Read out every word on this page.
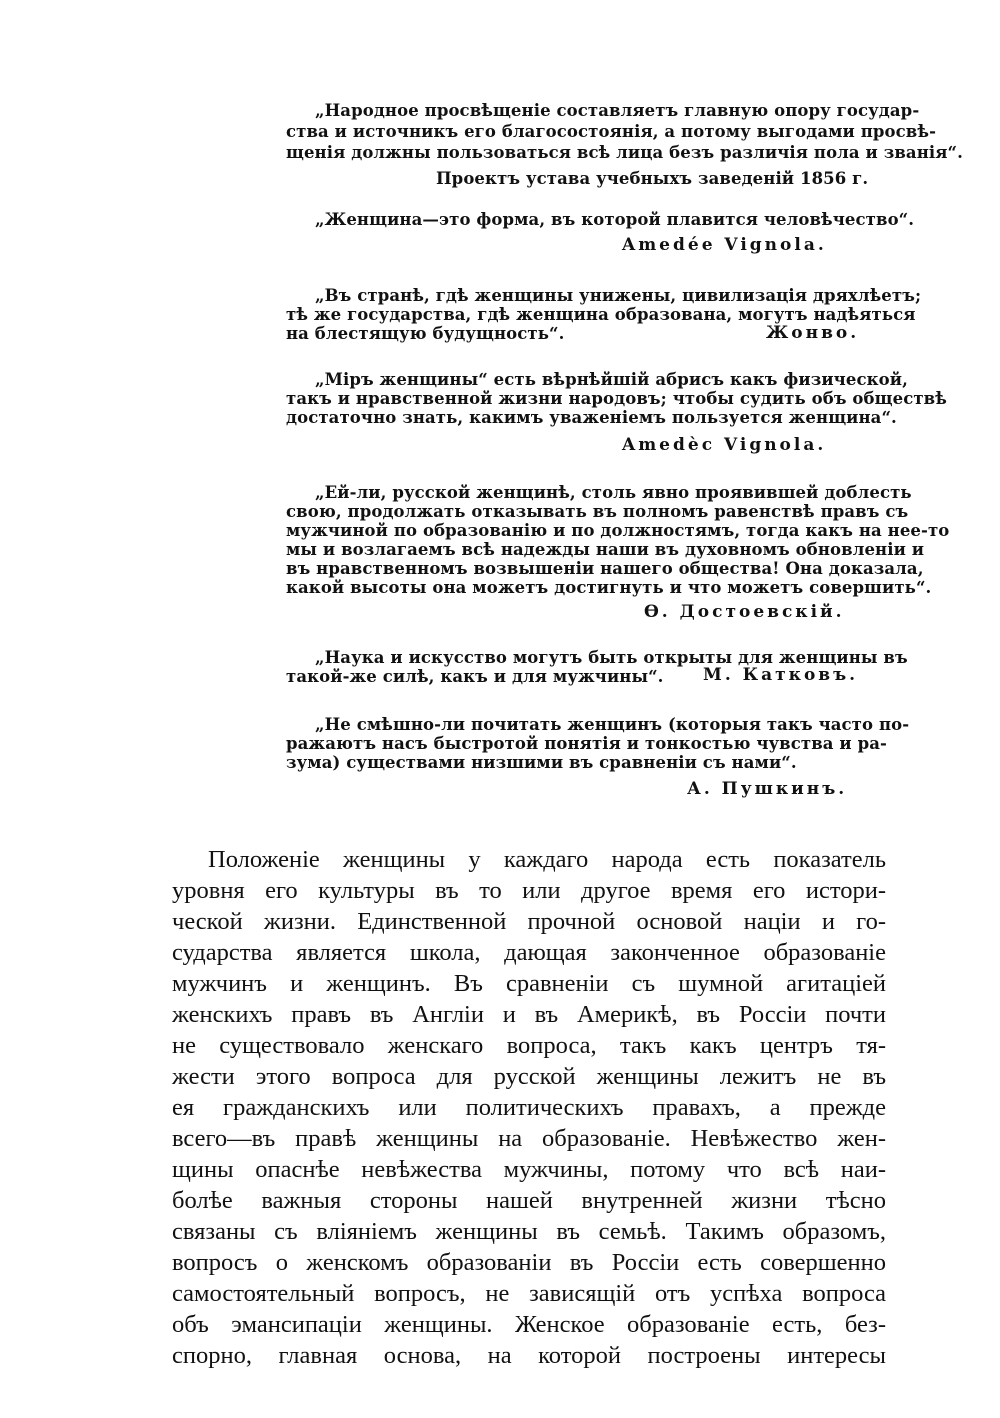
„Народное просвѣщеніе составляетъ главную опору государ-
ства и источникъ его благосостоянія, а потому выгодами просвѣ-
щенія должны пользоваться всѣ лица безъ различія пола и званія“.
Проектъ устава учебныхъ заведеній 1856 г.
„Женщина—это форма, въ которой плавится человѣчество“.
Amedée Vignola.
„Въ странѣ, гдѣ женщины унижены, цивилизація дряхлѣетъ;
тѣ же государства, гдѣ женщина образована, могутъ надѣяться
на блестящую будущность“.	Жонво.
„Міръ женщины“ есть вѣрнѣйшій абрисъ какъ физической,
такъ и нравственной жизни народовъ; чтобы судить объ обществѣ
достаточно знать, какимъ уваженіемъ пользуется женщина“.
Amedèc Vignola.
„Ей-ли, русской женщинѣ, столь явно проявившей доблесть
свою, продолжать отказывать въ полномъ равенствѣ правъ съ
мужчиной по образованію и по должностямъ, тогда какъ на нее-то
мы и возлагаемъ всѣ надежды наши въ духовномъ обновленіи и
въ нравственномъ возвышеніи нашего общества! Она доказала,
какой высоты она можетъ достигнуть и что можетъ совершить“.
Ѳ. Достоевскій.
„Наука и искусство могутъ быть открыты для женщины въ
такой-же силѣ, какъ и для мужчины“. М. Катковъ.
„Не смѣшно-ли почитать женщинъ (которыя такъ часто по-
ражаютъ насъ быстротой понятія и тонкостью чувства и ра-
зума) существами низшими въ сравненіи съ нами“.
А. Пушкинъ.
Положеніе женщины у каждаго народа есть показатель
уровня его культуры въ то или другое время его истори-
ческой жизни. Единственной прочной основой націи и го-
сударства является школа, дающая законченное образованіе
мужчинъ и женщинъ. Въ сравненіи съ шумной агитаціей
женскихъ правъ въ Англіи и въ Америкѣ, въ Россіи почти
не существовало женскаго вопроса, такъ какъ центръ тя-
жести этого вопроса для русской женщины лежитъ не въ
ея гражданскихъ или политическихъ правахъ, а прежде
всего—въ правѣ женщины на образованіе. Невѣжество жен-
щины опаснѣе невѣжества мужчины, потому что всѣ наи-
болѣе важныя стороны нашей внутренней жизни тѣсно
связаны съ вліяніемъ женщины въ семьѣ. Такимъ образомъ,
вопросъ о женскомъ образованіи въ Россіи есть совершенно
самостоятельный вопросъ, не зависящій отъ успѣха вопроса
объ эмансипаціи женщины. Женское образованіе есть, без-
спорно, главная основа, на которой построены интересы
